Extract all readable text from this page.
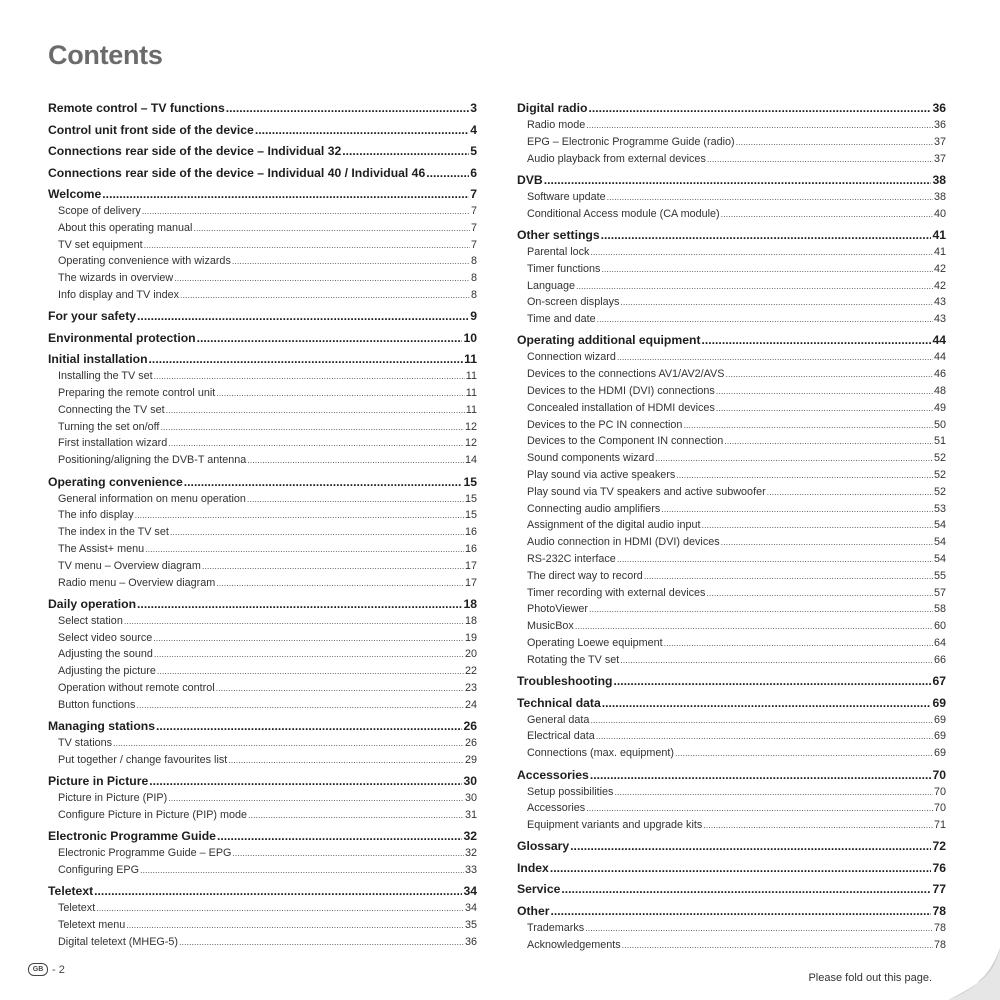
Contents
Remote control – TV functions .....	3
Control unit front side of the device .....	4
Connections rear side of the device – Individual 32 .....	5
Connections rear side of the device – Individual 40 / Individual 46 .....	6
Welcome .....	7
Scope of delivery .....	7
About this operating manual .....	7
TV set equipment .....	7
Operating convenience with wizards .....	8
The wizards in overview .....	8
Info display and TV index .....	8
For your safety .....	9
Environmental protection .....	10
Initial installation .....	11
Installing the TV set .....	11
Preparing the remote control unit .....	11
Connecting the TV set .....	11
Turning the set on/off .....	12
First installation wizard .....	12
Positioning/aligning the DVB-T antenna .....	14
Operating convenience .....	15
General information on menu operation .....	15
The info display .....	15
The index in the TV set .....	16
The Assist+ menu .....	16
TV menu – Overview diagram .....	17
Radio menu – Overview diagram .....	17
Daily operation .....	18
Select station .....	18
Select video source .....	19
Adjusting the sound .....	20
Adjusting the picture .....	22
Operation without remote control .....	23
Button functions .....	24
Managing stations .....	26
TV stations .....	26
Put together / change favourites list .....	29
Picture in Picture .....	30
Picture in Picture (PIP) .....	30
Configure Picture in Picture (PIP) mode .....	31
Electronic Programme Guide .....	32
Electronic Programme Guide – EPG .....	32
Configuring EPG .....	33
Teletext .....	34
Teletext .....	34
Teletext menu .....	35
Digital teletext (MHEG-5) .....	36
Digital radio .....	36
Radio mode .....	36
EPG – Electronic Programme Guide (radio) .....	37
Audio playback from external devices .....	37
DVB .....	38
Software update .....	38
Conditional Access module (CA module) .....	40
Other settings .....	41
Parental lock .....	41
Timer functions .....	42
Language .....	42
On-screen displays .....	43
Time and date .....	43
Operating additional equipment .....	44
Connection wizard .....	44
Devices to the connections AV1/AV2/AVS .....	46
Devices to the HDMI (DVI) connections .....	48
Concealed installation of HDMI devices .....	49
Devices to the PC IN connection .....	50
Devices to the Component IN connection .....	51
Sound components wizard .....	52
Play sound via active speakers .....	52
Play sound via TV speakers and active subwoofer .....	52
Connecting audio amplifiers .....	53
Assignment of the digital audio input .....	54
Audio connection in HDMI (DVI) devices .....	54
RS-232C interface .....	54
The direct way to record .....	55
Timer recording with external devices .....	57
PhotoViewer .....	58
MusicBox .....	60
Operating Loewe equipment .....	64
Rotating the TV set .....	66
Troubleshooting .....	67
Technical data .....	69
General data .....	69
Electrical data .....	69
Connections (max. equipment) .....	69
Accessories .....	70
Setup possibilities .....	70
Accessories .....	70
Equipment variants and upgrade kits .....	71
Glossary .....	72
Index .....	76
Service .....	77
Other .....	78
Trademarks .....	78
Acknowledgements .....	78
GB - 2
Please fold out this page.
